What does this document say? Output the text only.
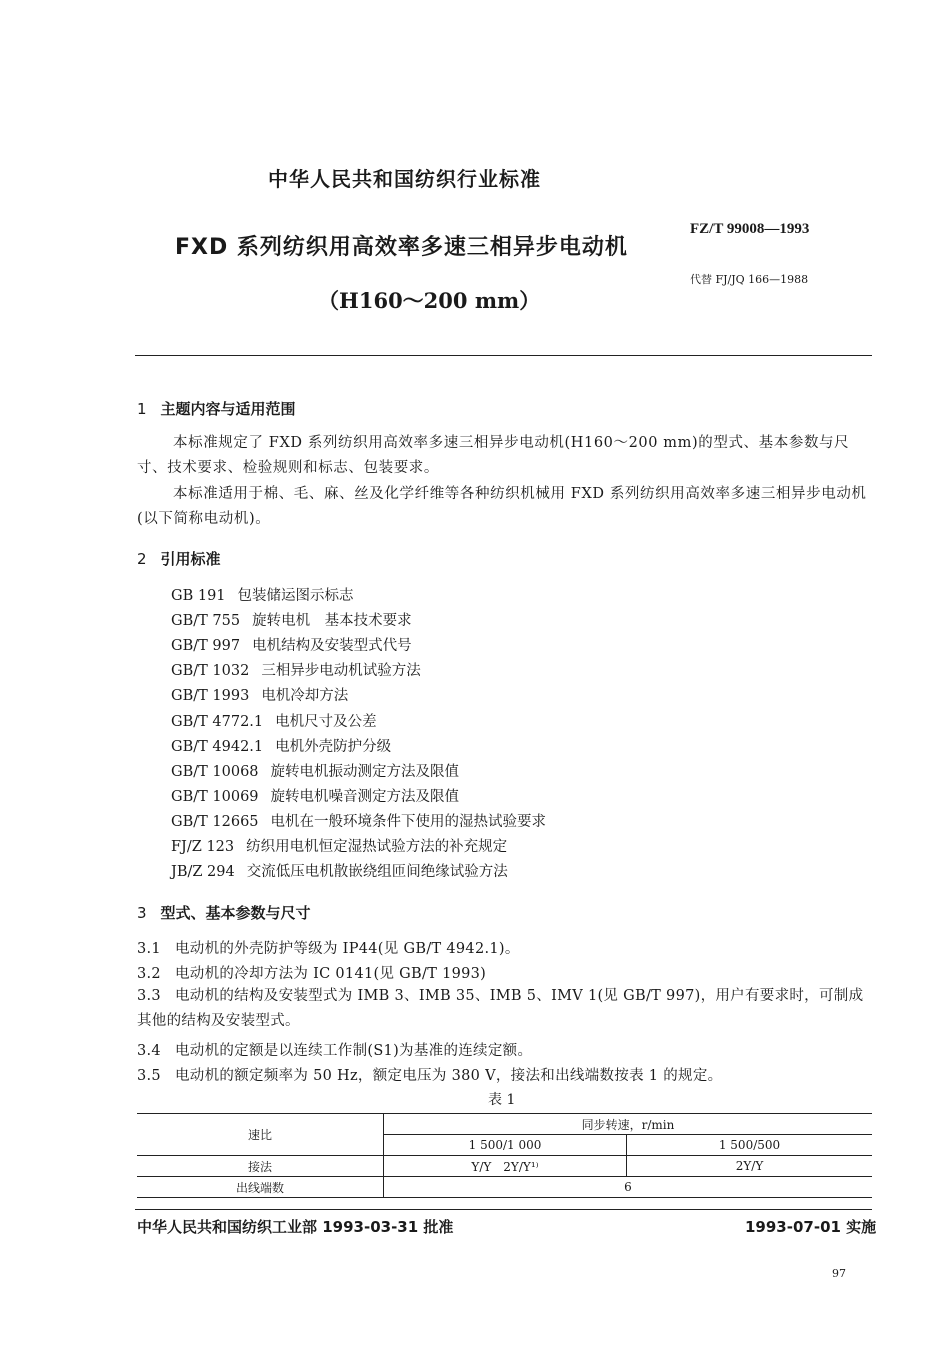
中华人民共和国纺织行业标准
FXD 系列纺织用高效率多速三相异步电动机
（H160～200 mm）
FZ/T 99008—1993
代替 FJ/JQ 166—1988
1 主题内容与适用范围
本标准规定了 FXD 系列纺织用高效率多速三相异步电动机(H160～200 mm)的型式、基本参数与尺寸、技术要求、检验规则和标志、包装要求。
本标准适用于棉、毛、麻、丝及化学纤维等各种纺织机械用 FXD 系列纺织用高效率多速三相异步电动机(以下简称电动机)。
2 引用标准
GB 191 包装储运图示标志
GB/T 755 旋转电机　基本技术要求
GB/T 997 电机结构及安装型式代号
GB/T 1032 三相异步电动机试验方法
GB/T 1993 电机冷却方法
GB/T 4772.1 电机尺寸及公差
GB/T 4942.1 电机外壳防护分级
GB/T 10068 旋转电机振动测定方法及限值
GB/T 10069 旋转电机噪音测定方法及限值
GB/T 12665 电机在一般环境条件下使用的湿热试验要求
FJ/Z 123 纺织用电机恒定湿热试验方法的补充规定
JB/Z 294 交流低压电机散嵌绕组匝间绝缘试验方法
3 型式、基本参数与尺寸
3.1 电动机的外壳防护等级为 IP44(见 GB/T 4942.1)。
3.2 电动机的冷却方法为 IC 0141(见 GB/T 1993)
3.3 电动机的结构及安装型式为 IMB 3、IMB 35、IMB 5、IMV 1(见 GB/T 997)，用户有要求时，可制成其他的结构及安装型式。
3.4 电动机的定额是以连续工作制(S1)为基准的连续定额。
3.5 电动机的额定频率为 50 Hz，额定电压为 380 V，接法和出线端数按表 1 的规定。
表 1
速比	同步转速，r/min	
	1 500/1 000	1 500/500
接法	Y/Y　2Y/Y¹⁾	2Y/Y
出线端数	6	
中华人民共和国纺织工业部 1993-03-31 批准	1993-07-01 实施
97
